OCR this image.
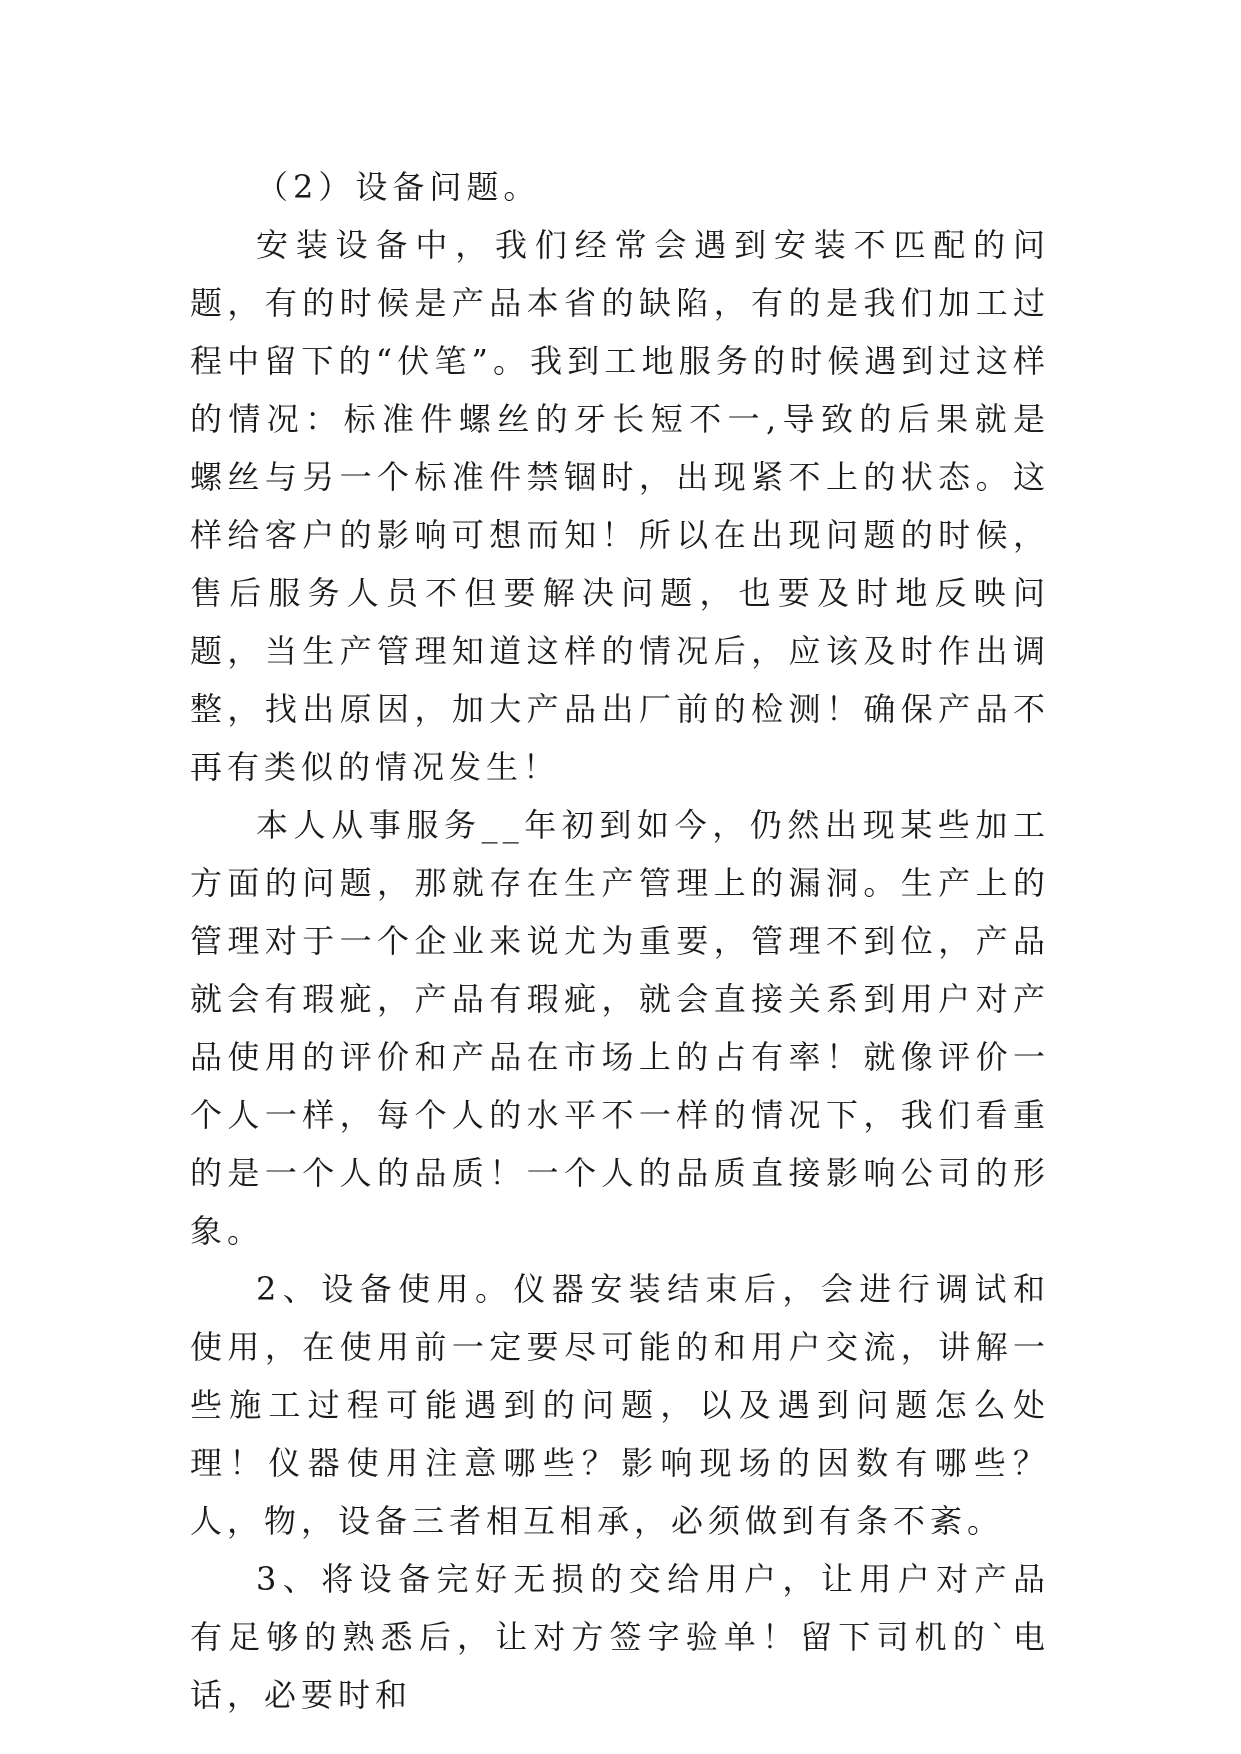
（2）设备问题。

安装设备中，我们经常会遇到安装不匹配的问题，有的时候是产品本省的缺陷，有的是我们加工过程中留下的“伏笔”。我到工地服务的时候遇到过这样的情况：标准件螺丝的牙长短不一,导致的后果就是螺丝与另一个标准件禁锢时，出现紧不上的状态。这样给客户的影响可想而知！所以在出现问题的时候，售后服务人员不但要解决问题，也要及时地反映问题，当生产管理知道这样的情况后，应该及时作出调整，找出原因，加大产品出厂前的检测！确保产品不再有类似的情况发生！

本人从事服务__年初到如今，仍然出现某些加工方面的问题，那就存在生产管理上的漏洞。生产上的管理对于一个企业来说尤为重要，管理不到位，产品就会有瑕疵，产品有瑕疵，就会直接关系到用户对产品使用的评价和产品在市场上的占有率！就像评价一个人一样，每个人的水平不一样的情况下，我们看重的是一个人的品质！一个人的品质直接影响公司的形象。

2、设备使用。仪器安装结束后，会进行调试和使用，在使用前一定要尽可能的和用户交流，讲解一些施工过程可能遇到的问题，以及遇到问题怎么处理！仪器使用注意哪些？影响现场的因数有哪些？人，物，设备三者相互相承，必须做到有条不紊。

3、将设备完好无损的交给用户，让用户对产品有足够的熟悉后，让对方签字验单！留下司机的`电话，必要时和
